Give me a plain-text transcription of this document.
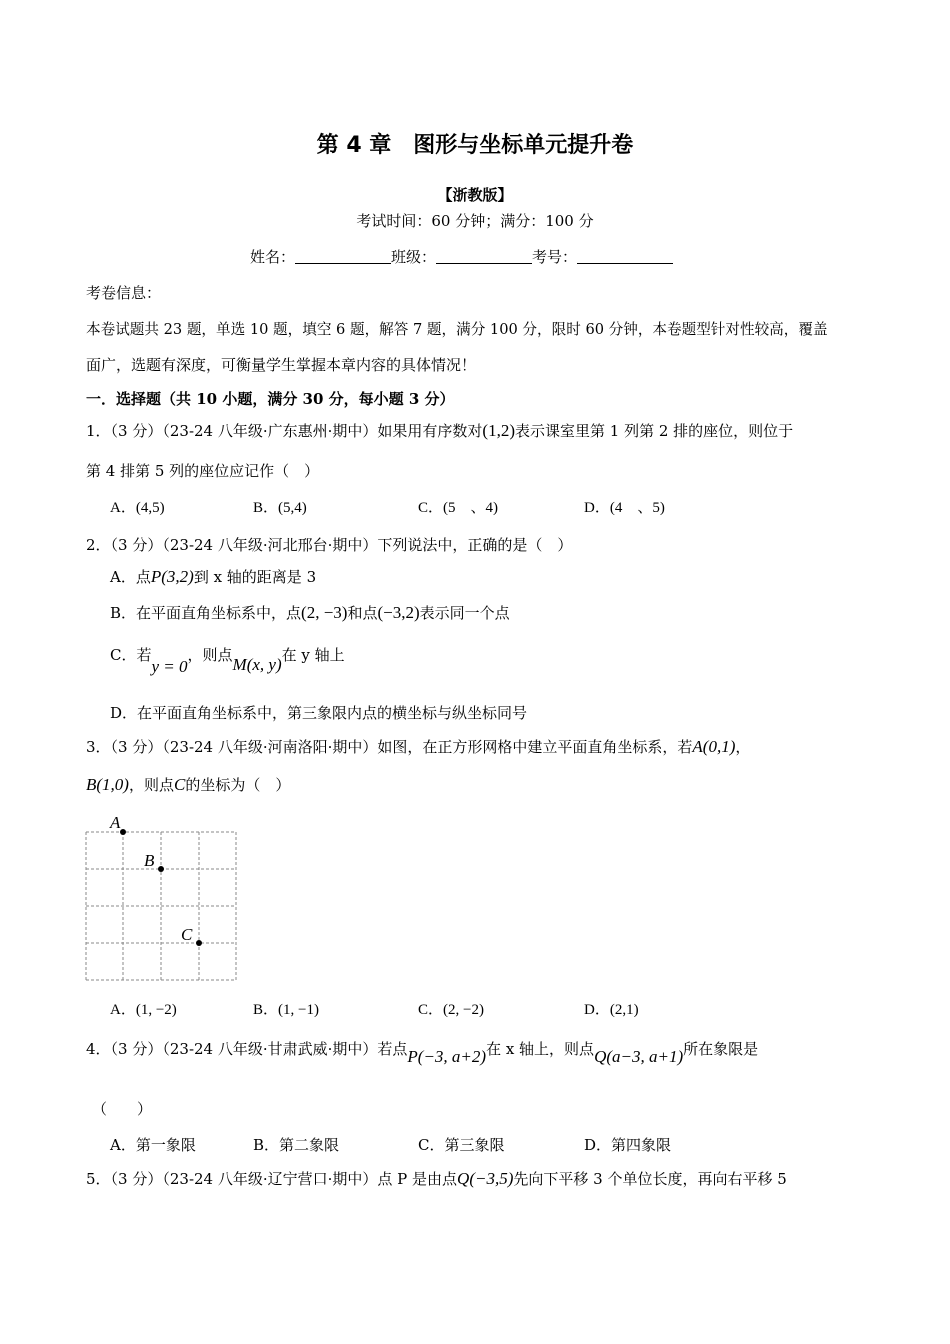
第 4 章　图形与坐标单元提升卷
【浙教版】
考试时间：60 分钟；满分：100 分
姓名：	班级：	考号：
考卷信息：
本卷试题共 23 题，单选 10 题，填空 6 题，解答 7 题，满分 100 分，限时 60 分钟，本卷题型针对性较高，覆盖
面广，选题有深度，可衡量学生掌握本章内容的具体情况！
一．选择题（共 10 小题，满分 30 分，每小题 3 分）
1．（3 分）（23-24 八年级·广东惠州·期中）如果用有序数对(1,2)表示课室里第 1 列第 2 排的座位，则位于
第 4 排第 5 列的座位应记作（　）
A．(4,5)	B．(5,4)	C．(5　、4)	D．(4　、5)
2．（3 分）（23-24 八年级·河北邢台·期中）下列说法中，正确的是（　）
A．点P(3,2)到 x 轴的距离是 3
B．在平面直角坐标系中，点(2, −3)和点(−3,2)表示同一个点
C．若y = 0，则点M(x, y)在 y 轴上
D．在平面直角坐标系中，第三象限内点的横坐标与纵坐标同号
3．（3 分）（23-24 八年级·河南洛阳·期中）如图，在正方形网格中建立平面直角坐标系，若A(0,1)，
B(1,0)，则点C的坐标为（　）
A
B
C
A．(1, −2)	B．(1, −1)	C．(2, −2)	D．(2,1)
4．（3 分）（23-24 八年级·甘肃武威·期中）若点P(−3, a+2)在 x 轴上，则点Q(a−3, a+1)所在象限是
（　　）
A．第一象限	B．第二象限	C．第三象限	D．第四象限
5．（3 分）（23-24 八年级·辽宁营口·期中）点 P 是由点Q(−3,5)先向下平移 3 个单位长度，再向右平移 5
